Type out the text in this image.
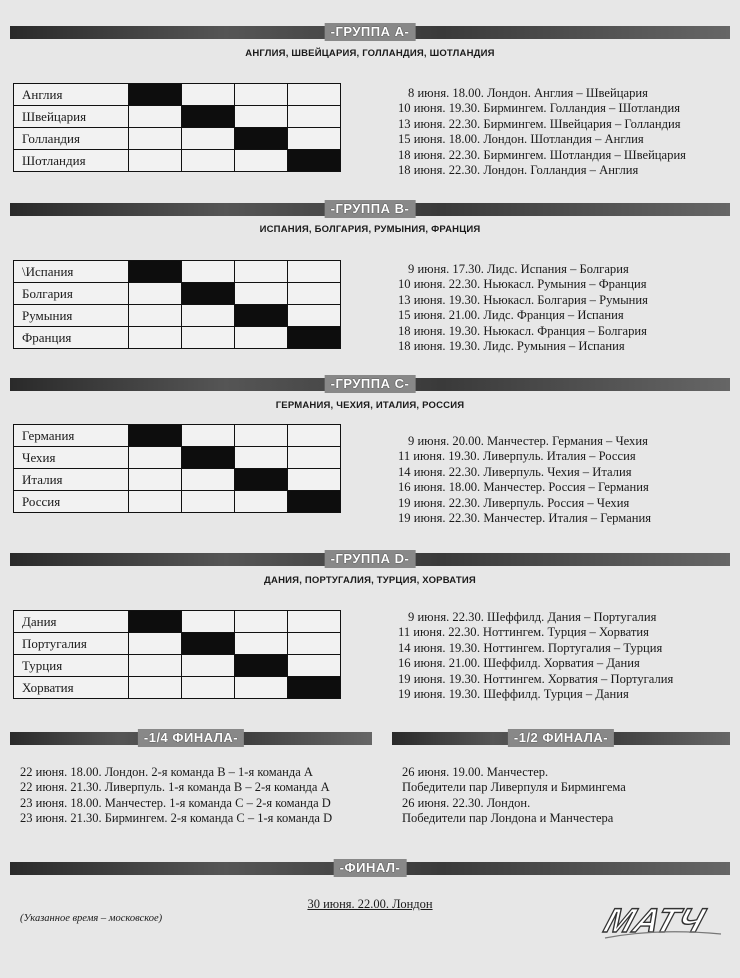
-ГРУППА А-
АНГЛИЯ, ШВЕЙЦАРИЯ, ГОЛЛАНДИЯ, ШОТЛАНДИЯ
Англия				
Швейцария				
Голландия				
Шотландия				
8 июня. 18.00. Лондон. Англия – Швейцария
10 июня. 19.30. Бирмингем. Голландия – Шотландия
13 июня. 22.30. Бирмингем. Швейцария – Голландия
15 июня. 18.00. Лондон. Шотландия – Англия
18 июня. 22.30. Бирмингем. Шотландия – Швейцария
18 июня. 22.30. Лондон. Голландия – Англия
-ГРУППА В-
ИСПАНИЯ, БОЛГАРИЯ, РУМЫНИЯ, ФРАНЦИЯ
\Испания				
Болгария				
Румыния				
Франция				
9 июня. 17.30. Лидс. Испания – Болгария
10 июня. 22.30. Ньюкасл. Румыния – Франция
13 июня. 19.30. Ньюкасл. Болгария – Румыния
15 июня. 21.00. Лидс. Франция – Испания
18 июня. 19.30. Ньюкасл. Франция – Болгария
18 июня. 19.30. Лидс. Румыния – Испания
-ГРУППА С-
ГЕРМАНИЯ, ЧЕХИЯ, ИТАЛИЯ, РОССИЯ
Германия				
Чехия				
Италия				
Россия				
9 июня. 20.00. Манчестер. Германия – Чехия
11 июня. 19.30. Ливерпуль. Италия – Россия
14 июня. 22.30. Ливерпуль. Чехия – Италия
16 июня. 18.00. Манчестер. Россия – Германия
19 июня. 22.30. Ливерпуль. Россия – Чехия
19 июня. 22.30. Манчестер. Италия – Германия
-ГРУППА D-
ДАНИЯ, ПОРТУГАЛИЯ, ТУРЦИЯ, ХОРВАТИЯ
Дания				
Португалия				
Турция				
Хорватия				
9 июня. 22.30. Шеффилд. Дания – Португалия
11 июня. 22.30. Ноттингем. Турция – Хорватия
14 июня. 19.30. Ноттингем. Португалия – Турция
16 июня. 21.00. Шеффилд. Хорватия – Дания
19 июня. 19.30. Ноттингем. Хорватия – Португалия
19 июня. 19.30. Шеффилд. Турция – Дания
-1/4 ФИНАЛА-
22 июня. 18.00. Лондон. 2-я команда В – 1-я команда А
22 июня. 21.30. Ливерпуль. 1-я команда В – 2-я команда А
23 июня. 18.00. Манчестер. 1-я команда С – 2-я команда D
23 июня. 21.30. Бирмингем. 2-я команда С – 1-я команда D
-1/2 ФИНАЛА-
26 июня. 19.00. Манчестер.
Победители пар Ливерпуля и Бирмингема
26 июня. 22.30. Лондон.
Победители пар Лондона и Манчестера
-ФИНАЛ-
30 июня. 22.00. Лондон
(Указанное время – московское)	МАТЧ
